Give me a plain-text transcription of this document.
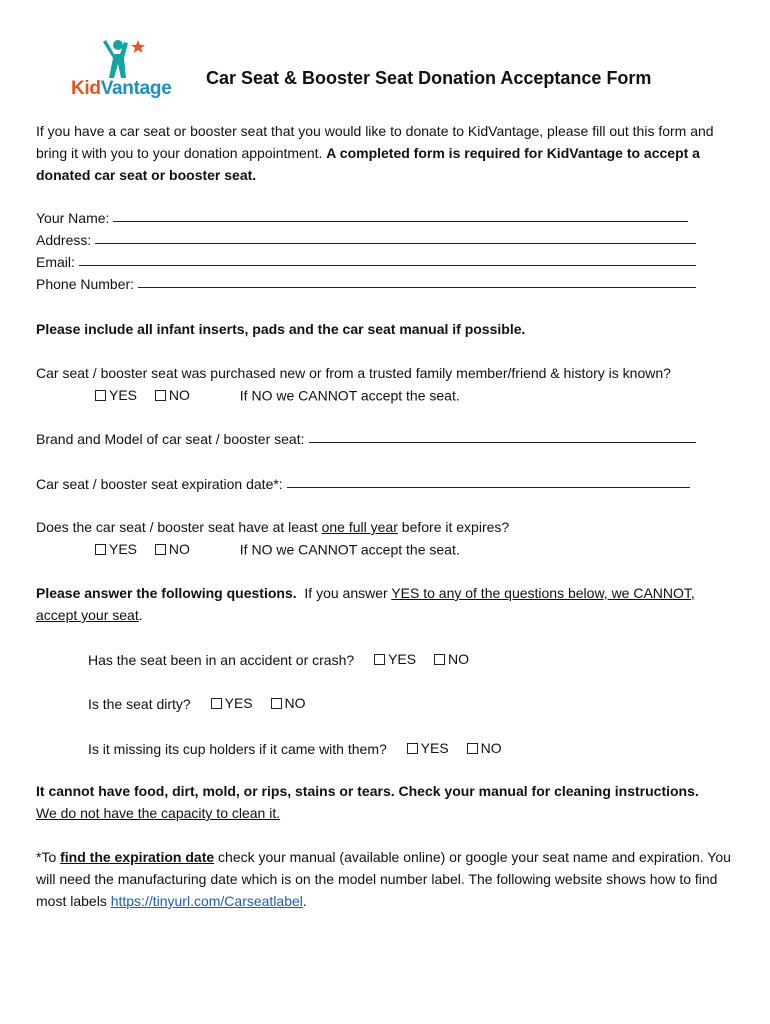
KidVantage Car Seat & Booster Seat Donation Acceptance Form
If you have a car seat or booster seat that you would like to donate to KidVantage, please fill out this form and bring it with you to your donation appointment. A completed form is required for KidVantage to accept a donated car seat or booster seat.
Your Name:
Address:
Email:
Phone Number:
Please include all infant inserts, pads and the car seat manual if possible.
Car seat / booster seat was purchased new or from a trusted family member/friend & history is known?
YES
NO	If NO we CANNOT accept the seat.
Brand and Model of car seat / booster seat:
Car seat / booster seat expiration date*:
Does the car seat / booster seat have at least one full year before it expires?
YES
NO	If NO we CANNOT accept the seat.
Please answer the following questions. If you answer YES to any of the questions below, we CANNOT, accept your seat.
Has the seat been in an accident or crash? YES
NO
Is the seat dirty? YES
NO
Is it missing its cup holders if it came with them? YES
NO
It cannot have food, dirt, mold, or rips, stains or tears. Check your manual for cleaning instructions.  We do not have the capacity to clean it.
*To find the expiration date check your manual (available online) or google your seat name and expiration. You will need the manufacturing date which is on the model number label. The following website shows how to find most labels https://tinyurl.com/Carseatlabel.
